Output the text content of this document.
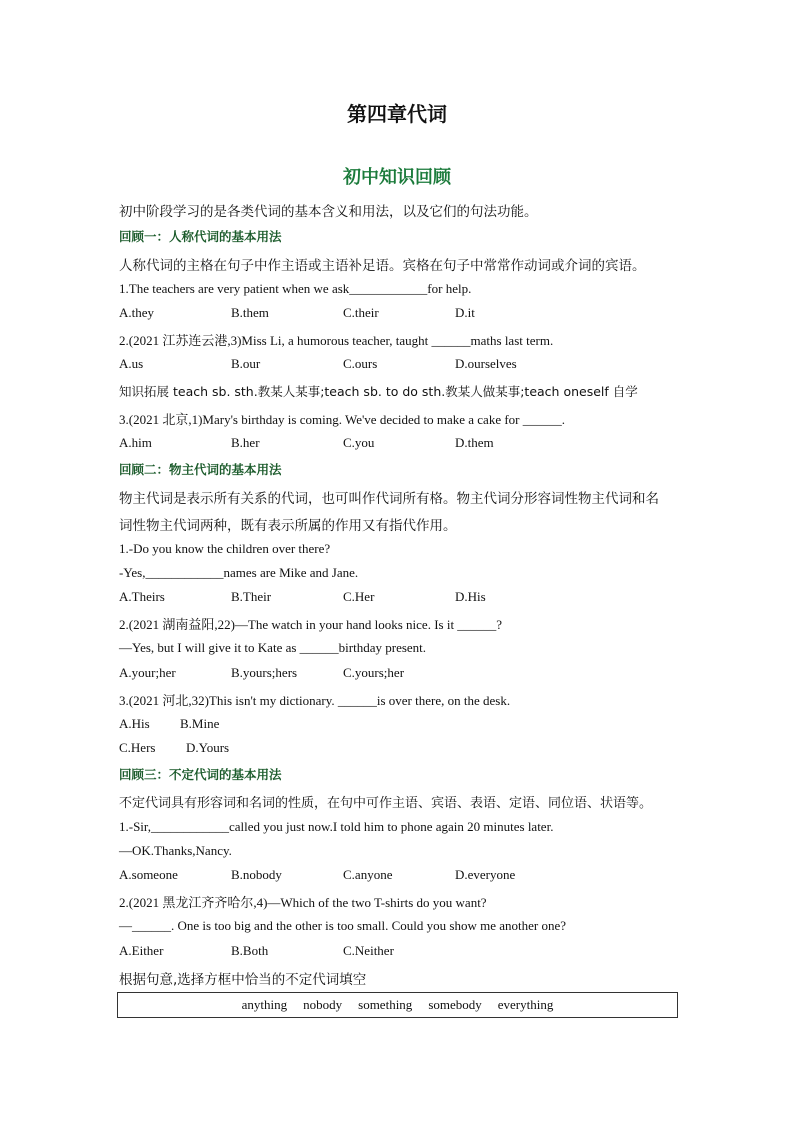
第四章代词
初中知识回顾
初中阶段学习的是各类代词的基本含义和用法，以及它们的句法功能。
回顾一：人称代词的基本用法
人称代词的主格在句子中作主语或主语补足语。宾格在句子中常常作动词或介词的宾语。
1.The teachers are very patient when we ask____________for help.
A.they	B.them	C.their	D.it
2.(2021 江苏连云港,3)Miss Li, a humorous teacher, taught ______maths last term.
A.us	B.our	C.ours	D.ourselves
知识拓展 teach sb. sth.教某人某事;teach sb. to do sth.教某人做某事;teach oneself 自学
3.(2021 北京,1)Mary's birthday is coming. We've decided to make a cake for ______.
A.him	B.her	C.you	D.them
回顾二：物主代词的基本用法
物主代词是表示所有关系的代词，也可叫作代词所有格。物主代词分形容词性物主代词和名
词性物主代词两种，既有表示所属的作用又有指代作用。
1.-Do you know the children over there?
-Yes,____________names are Mike and Jane.
A.Theirs	B.Their	C.Her	D.His
2.(2021 湖南益阳,22)—The watch in your hand looks nice. Is it ______?
—Yes, but I will give it to Kate as ______birthday present.
A.your;her	B.yours;hers	C.yours;her
3.(2021 河北,32)This isn't my dictionary. ______is over there, on the desk.
A.His B.Mine
C.Hers D.Yours
回顾三：不定代词的基本用法
不定代词具有形容词和名词的性质，在句中可作主语、宾语、表语、定语、同位语、状语等。
1.-Sir,____________called you just now.I told him to phone again 20 minutes later.
—OK.Thanks,Nancy.
A.someone	B.nobody	C.anyone	D.everyone
2.(2021 黑龙江齐齐哈尔,4)—Which of the two T-shirts do you want?
—______. One is too big and the other is too small. Could you show me another one?
A.Either	B.Both	C.Neither
根据句意,选择方框中恰当的不定代词填空
anything nobody something somebody everything
